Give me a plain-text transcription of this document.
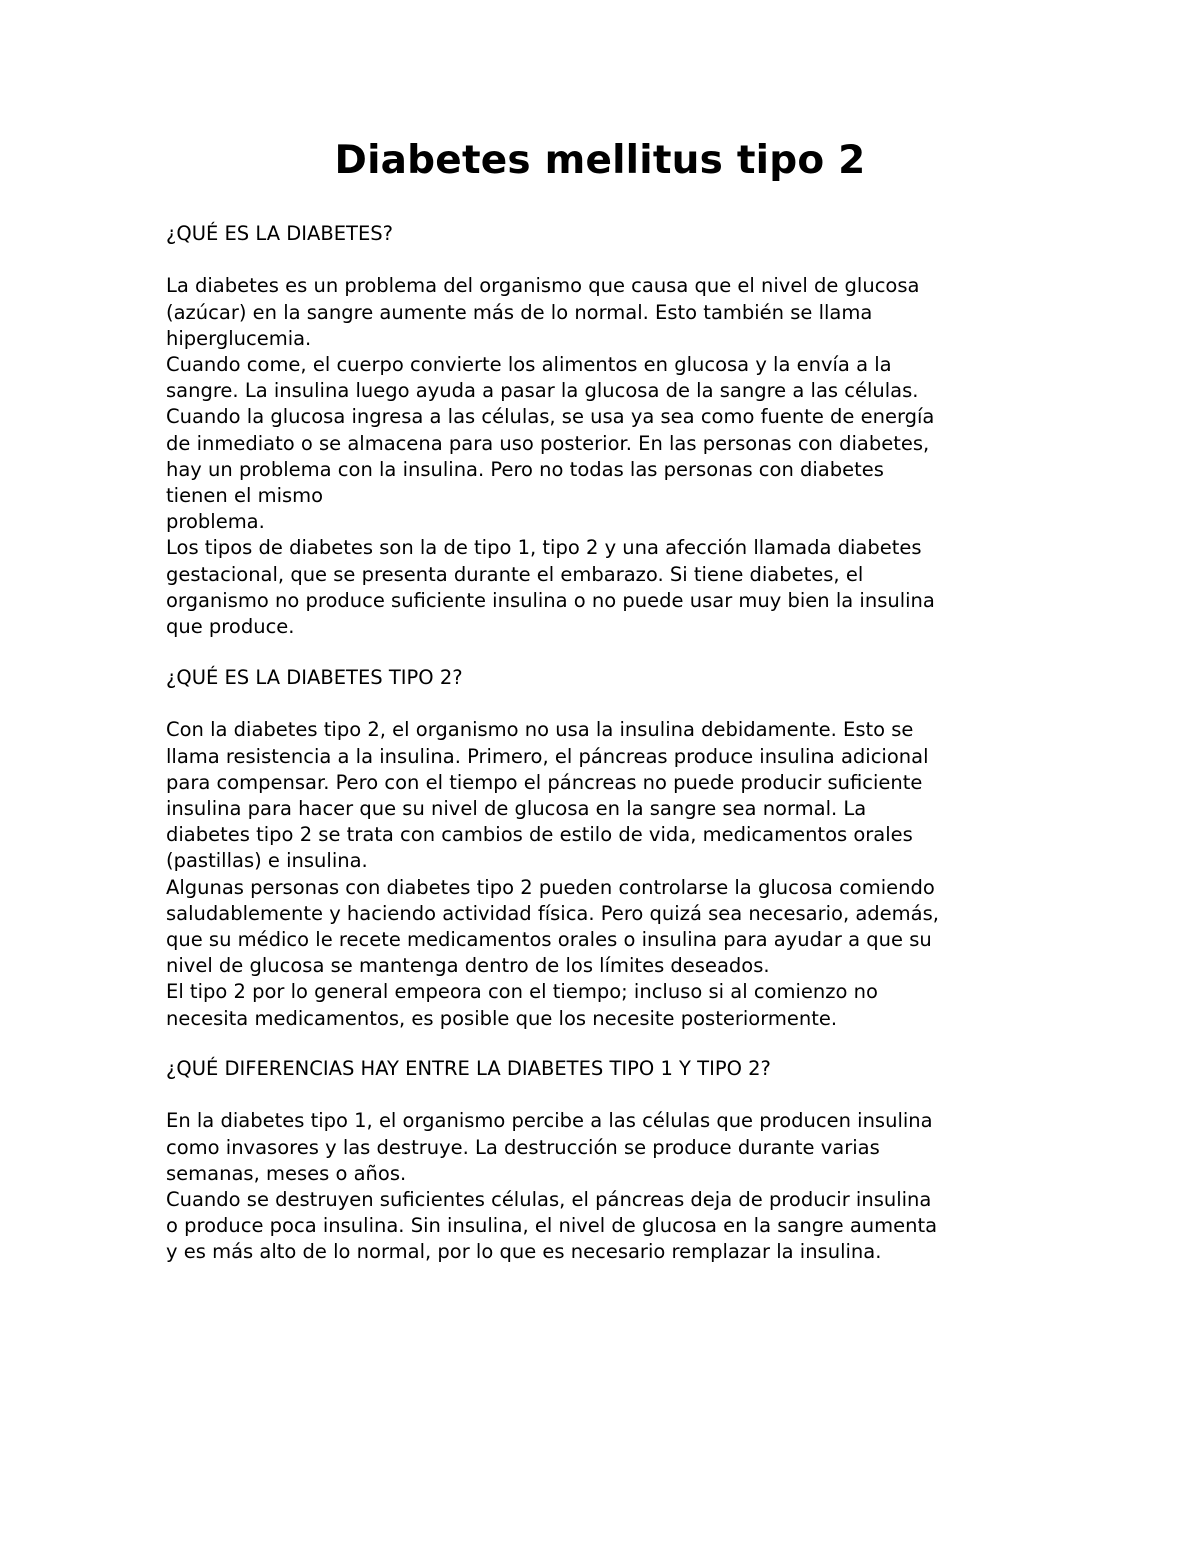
Diabetes mellitus tipo 2
¿QUÉ ES LA DIABETES?
La diabetes es un problema del organismo que causa que el nivel de glucosa
(azúcar) en la sangre aumente más de lo normal. Esto también se llama
hiperglucemia.
Cuando come, el cuerpo convierte los alimentos en glucosa y la envía a la
sangre. La insulina luego ayuda a pasar la glucosa de la sangre a las células.
Cuando la glucosa ingresa a las células, se usa ya sea como fuente de energía
de inmediato o se almacena para uso posterior. En las personas con diabetes,
hay un problema con la insulina. Pero no todas las personas con diabetes
tienen el mismo
problema.
Los tipos de diabetes son la de tipo 1, tipo 2 y una afección llamada diabetes
gestacional, que se presenta durante el embarazo. Si tiene diabetes, el
organismo no produce suficiente insulina o no puede usar muy bien la insulina
que produce.
¿QUÉ ES LA DIABETES TIPO 2?
Con la diabetes tipo 2, el organismo no usa la insulina debidamente. Esto se
llama resistencia a la insulina. Primero, el páncreas produce insulina adicional
para compensar. Pero con el tiempo el páncreas no puede producir suficiente
insulina para hacer que su nivel de glucosa en la sangre sea normal. La
diabetes tipo 2 se trata con cambios de estilo de vida, medicamentos orales
(pastillas) e insulina.
Algunas personas con diabetes tipo 2 pueden controlarse la glucosa comiendo
saludablemente y haciendo actividad física. Pero quizá sea necesario, además,
que su médico le recete medicamentos orales o insulina para ayudar a que su
nivel de glucosa se mantenga dentro de los límites deseados.
El tipo 2 por lo general empeora con el tiempo; incluso si al comienzo no
necesita medicamentos, es posible que los necesite posteriormente.
¿QUÉ DIFERENCIAS HAY ENTRE LA DIABETES TIPO 1 Y TIPO 2?
En la diabetes tipo 1, el organismo percibe a las células que producen insulina
como invasores y las destruye. La destrucción se produce durante varias
semanas, meses o años.
Cuando se destruyen suficientes células, el páncreas deja de producir insulina
o produce poca insulina. Sin insulina, el nivel de glucosa en la sangre aumenta
y es más alto de lo normal, por lo que es necesario remplazar la insulina.
